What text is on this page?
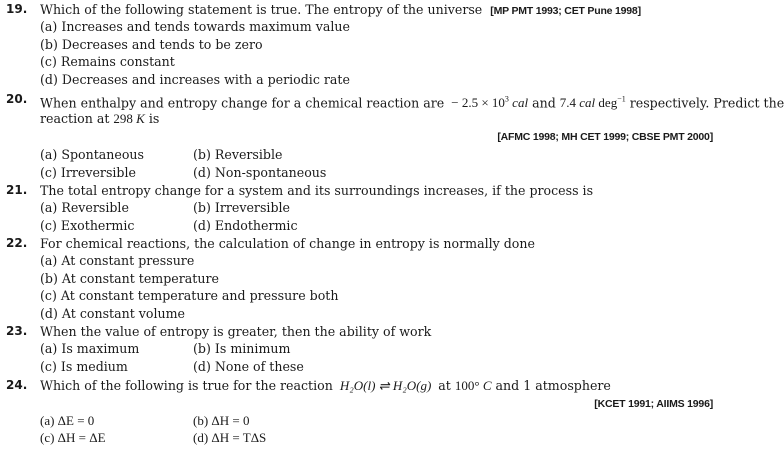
19. Which of the following statement is true. The entropy of the universe [MP PMT 1993; CET Pune 1998]
(a) Increases and tends towards maximum value
(b) Decreases and tends to be zero
(c) Remains constant
(d) Decreases and increases with a periodic rate
20. When enthalpy and entropy change for a chemical reaction are − $2.5 \times 10^3$ cal and 7.4 cal deg$^{-1}$ respectively. Predict the
reaction at 298 K is
[AFMC 1998; MH CET 1999; CBSE PMT 2000]
(a) Spontaneous	(b) Reversible
(c) Irreversible	(d) Non-spontaneous
21. The total entropy change for a system and its surroundings increases, if the process is
(a) Reversible	(b) Irreversible
(c) Exothermic	(d) Endothermic
22. For chemical reactions, the calculation of change in entropy is normally done
(a) At constant pressure
(b) At constant temperature
(c) At constant temperature and pressure both
(d) At constant volume
23. When the value of entropy is greater, then the ability of work
(a) Is maximum	(b) Is minimum
(c) Is medium	(d) None of these
24. Which of the following is true for the reaction H₂O(l) ⇌ H₂O(g) at 100° C and 1 atmosphere
[KCET 1991; AIIMS 1996]
(a) ΔE = 0	(b) ΔH = 0
(c) ΔH = ΔE	(d) ΔH = TΔS
